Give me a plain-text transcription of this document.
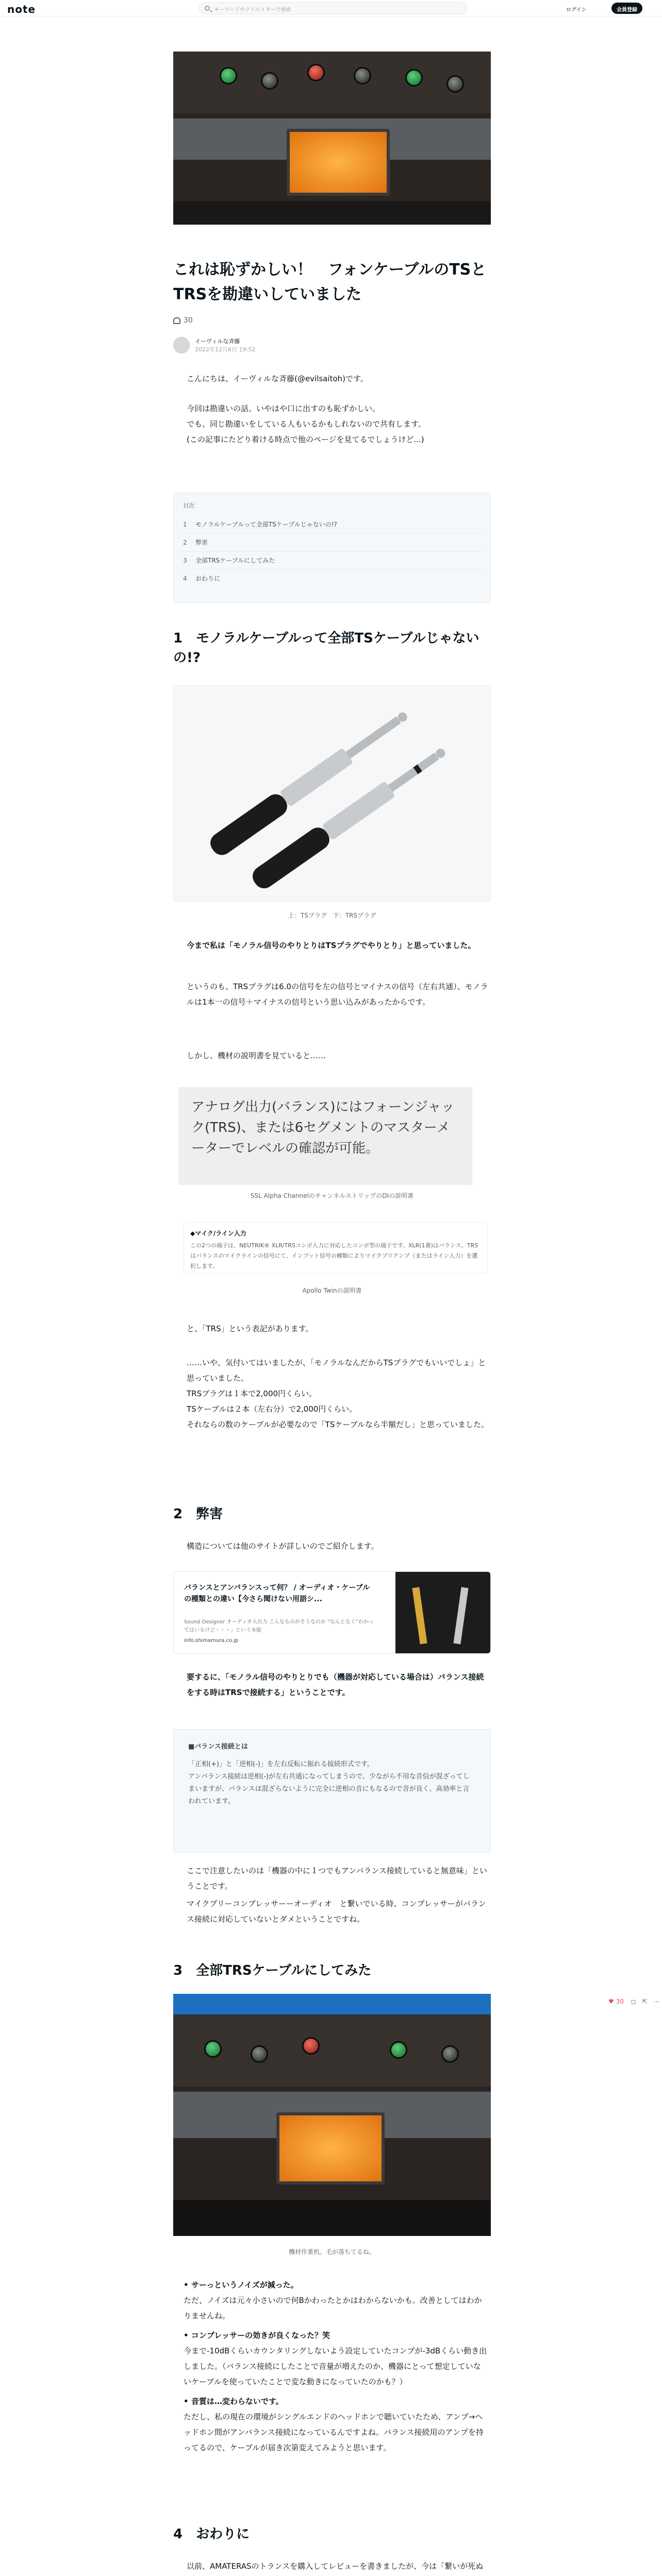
note	キーワードやクリエイターで検索	ログイン	会員登録
これは恥ずかしい！　フォンケーブルのTSとTRSを勘違いしていました
30
イーヴィルな斉藤
2022年12月6日 19:52
こんにちは、イーヴィルな斉藤(@evilsaitoh)です。
今回は勘違いの話。いやはや口に出すのも恥ずかしい。
でも、同じ勘違いをしている人もいるかもしれないので共有します。
(この記事にたどり着ける時点で他のページを見てるでしょうけど...)
目次
1 モノラルケーブルって全部TSケーブルじゃないの!?
2 弊害
3 全部TRSケーブルにしてみた
4 おわりに
1　モノラルケーブルって全部TSケーブルじゃないの!?
上：TSプラグ　下：TRSプラグ
今まで私は「モノラル信号のやりとりはTSプラグでやりとり」と思っていました。
というのも、TRSプラグは6.0の信号を左の信号とマイナスの信号（左右共通）、モノラルは1本一の信号＋マイナスの信号という思い込みがあったからです。
しかし、機材の説明書を見ていると……
アナログ出力(バランス)にはフォーンジャック(TRS)、または6セグメントのマスターメーターでレベルの確認が可能。
SSL Alpha ChannelのチャンネルストリップのDIの説明書
◆マイク/ライン入力
この2つの端子は、NEUTRIK® XLR/TRSコンボ入力に対応したコンボ型の端子です。XLR(1番)はバランス、TRSはバランスのマイクラインの信号にて、インプット信号の種類によりマイクプリアンプ（またはライン入力）を選択します。
Apollo Twinの説明書
と、「TRS」という表記があります。
……いや、気付いてはいましたが、「モノラルなんだからTSプラグでもいいでしょ」と思っていました。
TRSプラグは１本で2,000円くらい。
TSケーブルは２本（左右分）で2,000円くらい。
それならの数のケーブルが必要なので「TSケーブルなら半額だし」と思っていました。
2　弊害
構造については他のサイトが詳しいのでご紹介します。
バランスとアンバランスって何？ / オーディオ・ケーブルの種類との違い【今さら聞けない用語シ...
Sound Designer オーディオ入出力 こんなものがそうなのか "なんとなく”わかってはいるけど・・・」という本能
info.shimamura.co.jp
要するに、「モノラル信号のやりとりでも（機器が対応している場合は）バランス接続をする時はTRSで接続する」ということです。
■バランス接続とは
「正相(+)」と「逆相(-)」を左右反転に振れる接続形式です。
アンバランス接続は逆相(-)が左右共通になってしまうので、少ながら不用な音信が混ざってしまいますが、バランスは混ざらないように完全に逆相の音にもなるので音が良く、高効率と言われています。
ここで注意したいのは「機器の中に１つでもアンバランス接続していると無意味」ということです。
マイクプリーコンプレッサーーオーディオ　と繋いでいる時、コンプレッサーがバランス接続に対応していないとダメということですね。
3　全部TRSケーブルにしてみた
機材作業机。毛が落ちてるね。
• サーっというノイズが減った。
ただ、ノイズは元々小さいので何Bかわったとかはわからないかも。改善としてはわかりませんね。
• コンプレッサーの効きが良くなった？笑
今まで-10dBくらいカウンタリングしないよう設定していたコンプが-3dBくらい動き出しました。（バランス接続にしたことで音量が増えたのか、機器にとって想定していないケーブルを使っていたことで変な動きになっていたのかも？）
• 音質は…変わらないです。
ただし、私の現在の環境がシングルエンドのヘッドホンで聴いていたため、アンプ→ヘッドホン間がアンバランス接続になっているんですよね。バランス接続用のアンプを持ってるので、ケーブルが届き次第変えてみようと思います。
4　おわりに
以前、AMATERASのトランスを購入してレビューを書きましたが、今は「繋いが死ぬ
♥ 30 ◻ ⇱ ⋯
